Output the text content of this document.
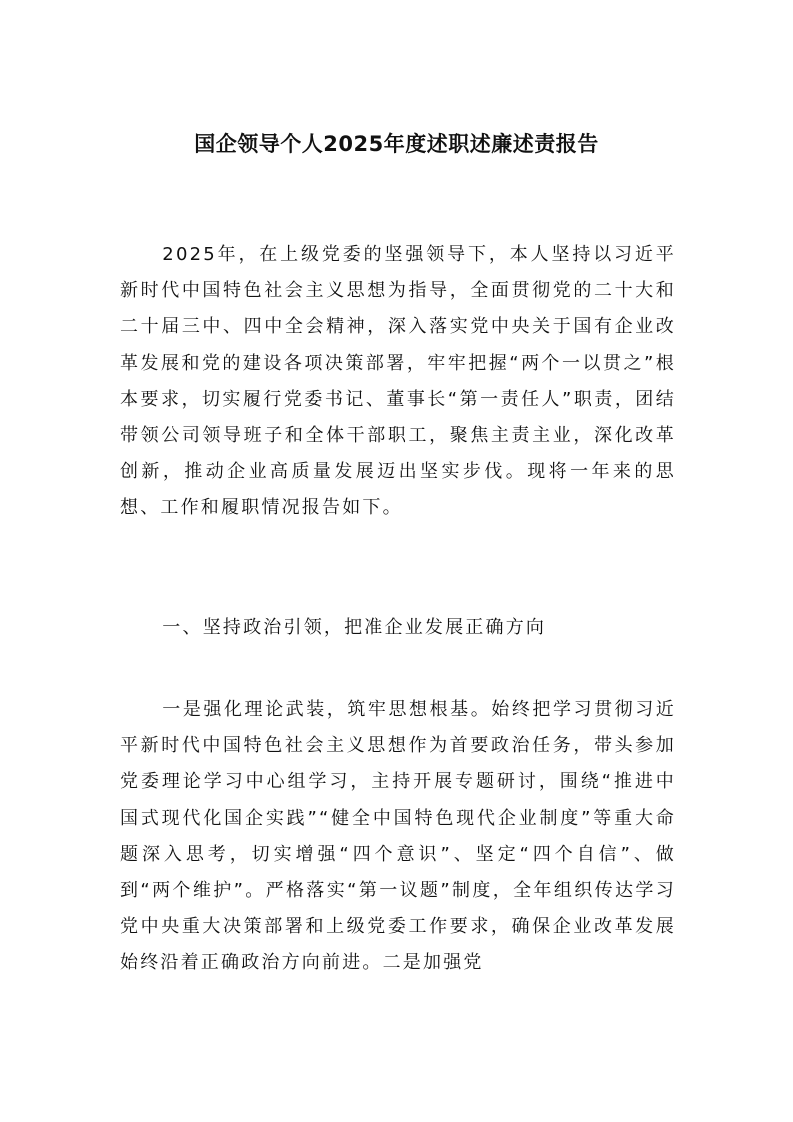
国企领导个人2025年度述职述廉述责报告

2025年，在上级党委的坚强领导下，本人坚持以习近平新时代中国特色社会主义思想为指导，全面贯彻党的二十大和二十届三中、四中全会精神，深入落实党中央关于国有企业改革发展和党的建设各项决策部署，牢牢把握“两个一以贯之”根本要求，切实履行党委书记、董事长“第一责任人”职责，团结带领公司领导班子和全体干部职工，聚焦主责主业，深化改革创新，推动企业高质量发展迈出坚实步伐。现将一年来的思想、工作和履职情况报告如下。

一、坚持政治引领，把准企业发展正确方向

一是强化理论武装，筑牢思想根基。始终把学习贯彻习近平新时代中国特色社会主义思想作为首要政治任务，带头参加党委理论学习中心组学习，主持开展专题研讨，围绕“推进中国式现代化国企实践”“健全中国特色现代企业制度”等重大命题深入思考，切实增强“四个意识”、坚定“四个自信”、做到“两个维护”。严格落实“第一议题”制度，全年组织传达学习党中央重大决策部署和上级党委工作要求，确保企业改革发展始终沿着正确政治方向前进。二是加强党
